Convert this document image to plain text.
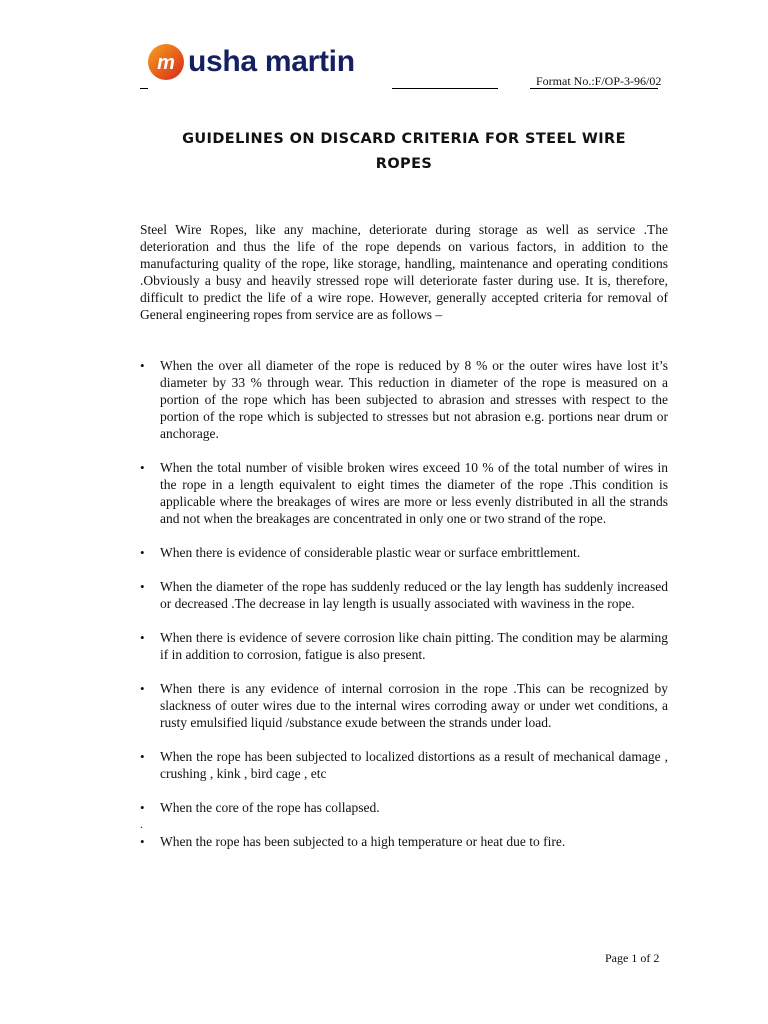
m usha martin
Format No.:F/OP-3-96/02
GUIDELINES ON DISCARD CRITERIA FOR STEEL WIRE
ROPES

Steel Wire Ropes, like any machine, deteriorate during storage as well as service .The deterioration and thus the life of the rope depends on various factors, in addition to the manufacturing quality of the rope, like storage, handling, maintenance and operating conditions .Obviously a busy and heavily stressed rope will deteriorate faster during use. It is, therefore, difficult to predict the life of a wire rope. However, generally accepted criteria for removal of General engineering ropes from service are as follows –

• When the over all diameter of the rope is reduced by 8 % or the outer wires have lost it’s diameter by 33 % through wear. This reduction in diameter of the rope is measured on a portion of the rope which has been subjected to abrasion and stresses with respect to the portion of the rope which is subjected to stresses but not abrasion e.g. portions near drum or anchorage.
• When the total number of visible broken wires exceed 10 % of the total number of wires in the rope in a length equivalent to eight times the diameter of the rope .This condition is applicable where the breakages of wires are more or less evenly distributed in all the strands and not when the breakages are concentrated in only one or two strand of the rope.
• When there is evidence of considerable plastic wear or surface embrittlement.
• When the diameter of the rope has suddenly reduced or the lay length has suddenly increased or decreased .The decrease in lay length is usually associated with waviness in the rope.
• When there is evidence of severe corrosion like chain pitting. The condition may be alarming if in addition to corrosion, fatigue is also present.
• When there is any evidence of internal corrosion in the rope .This can be recognized by slackness of outer wires due to the internal wires corroding away or under wet conditions, a rusty emulsified liquid /substance exude between the strands under load.
• When the rope has been subjected to localized distortions as a result of mechanical damage , crushing , kink , bird cage , etc
• When the core of the rope has collapsed.
• When the rope has been subjected to a high temperature or heat due to fire.
.
Page 1 of 2
